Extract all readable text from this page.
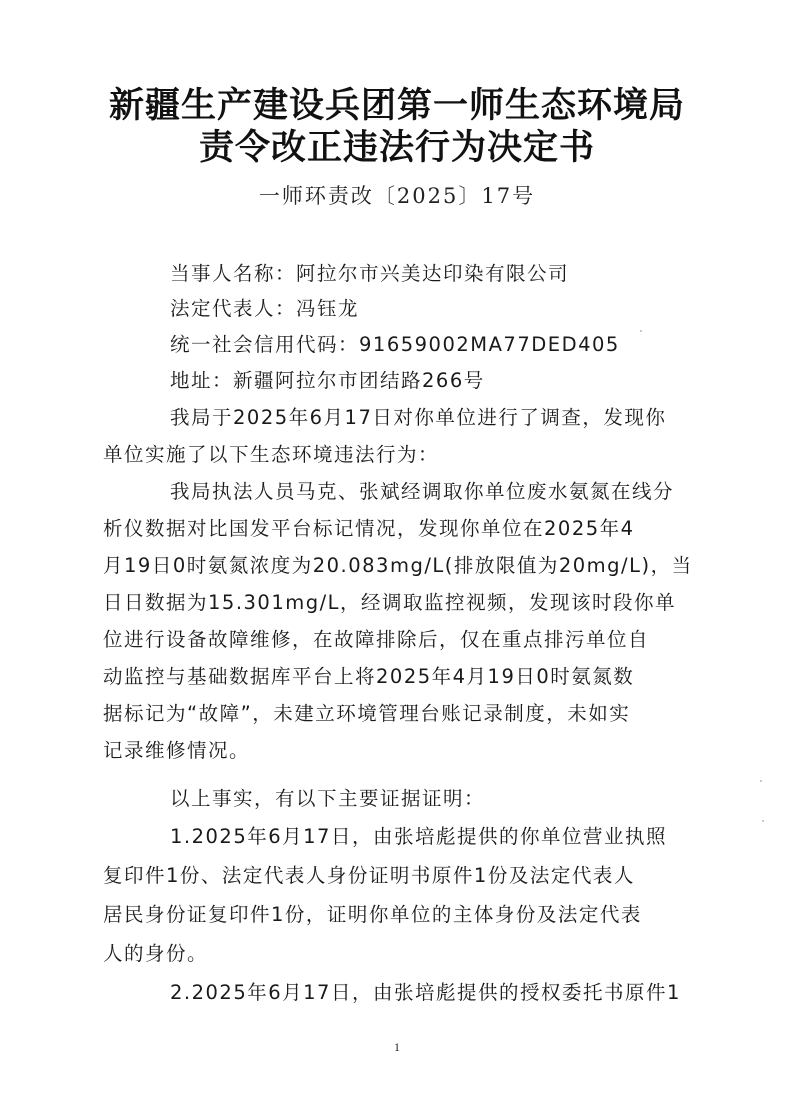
新疆生产建设兵团第一师生态环境局
责令改正违法行为决定书
一师环责改〔2025〕17号
当事人名称：阿拉尔市兴美达印染有限公司
法定代表人：冯钰龙
统一社会信用代码：91659002MA77DED405
地址：新疆阿拉尔市团结路266号
我局于2025年6月17日对你单位进行了调查，发现你
单位实施了以下生态环境违法行为：
我局执法人员马克、张斌经调取你单位废水氨氮在线分
析仪数据对比国发平台标记情况，发现你单位在2025年4
月19日0时氨氮浓度为20.083mg/L(排放限值为20mg/L)，当
日日数据为15.301mg/L，经调取监控视频，发现该时段你单
位进行设备故障维修，在故障排除后，仅在重点排污单位自
动监控与基础数据库平台上将2025年4月19日0时氨氮数
据标记为“故障”，未建立环境管理台账记录制度，未如实
记录维修情况。
以上事实，有以下主要证据证明：
1.2025年6月17日，由张培彪提供的你单位营业执照
复印件1份、法定代表人身份证明书原件1份及法定代表人
居民身份证复印件1份，证明你单位的主体身份及法定代表
人的身份。
2.2025年6月17日，由张培彪提供的授权委托书原件1
1
